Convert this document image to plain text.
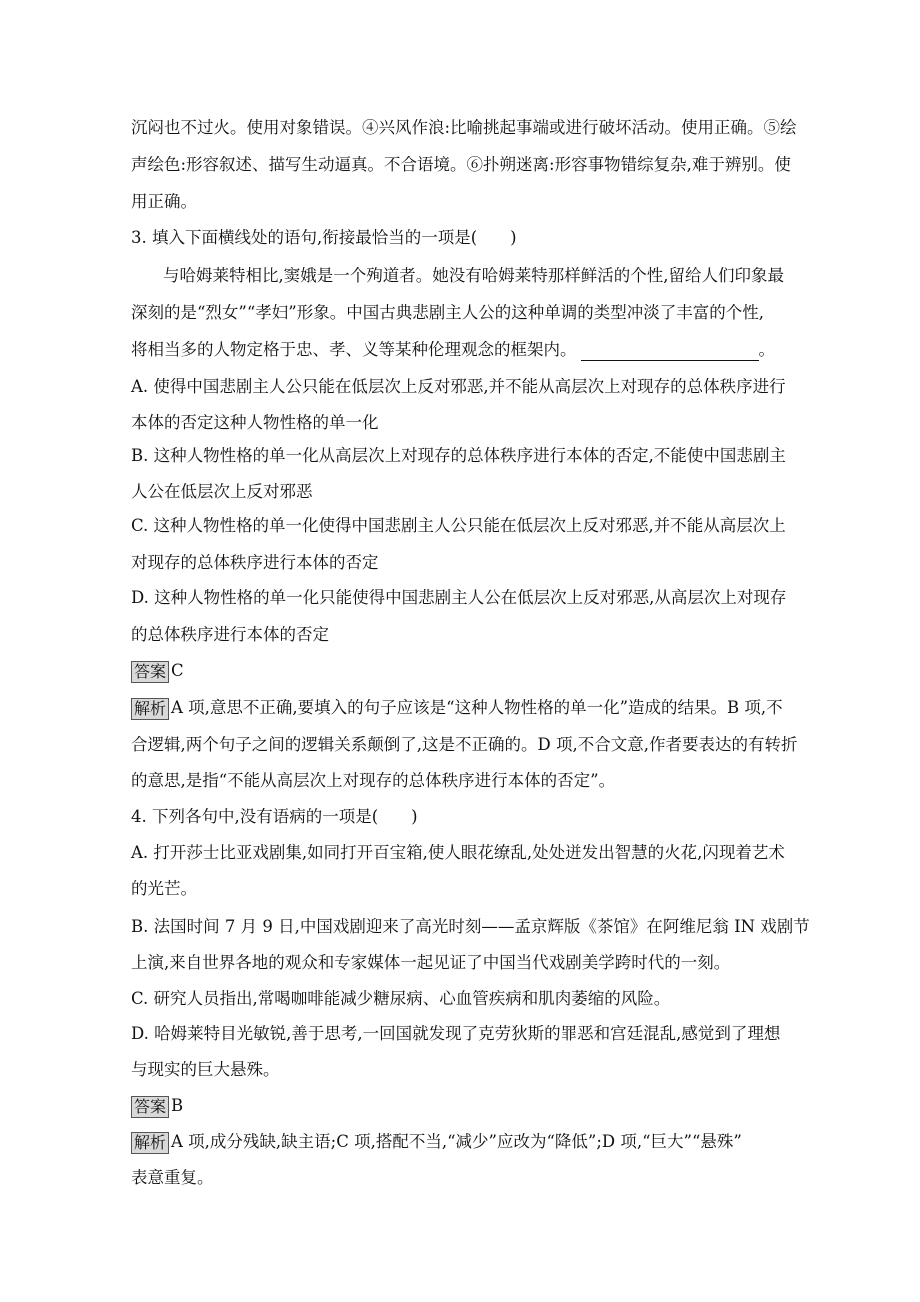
沉闷也不过火。使用对象错误。④兴风作浪:比喻挑起事端或进行破坏活动。使用正确。⑤绘
声绘色:形容叙述、描写生动逼真。不合语境。⑥扑朔迷离:形容事物错综复杂,难于辨别。使
用正确。
3. 填入下面横线处的语句,衔接最恰当的一项是(　　)
与哈姆莱特相比,窦娥是一个殉道者。她没有哈姆莱特那样鲜活的个性,留给人们印象最
深刻的是“烈女”“孝妇”形象。中国古典悲剧主人公的这种单调的类型冲淡了丰富的个性,
将相当多的人物定格于忠、孝、义等某种伦理观念的框架内。	。
A. 使得中国悲剧主人公只能在低层次上反对邪恶,并不能从高层次上对现存的总体秩序进行
本体的否定这种人物性格的单一化
B. 这种人物性格的单一化从高层次上对现存的总体秩序进行本体的否定,不能使中国悲剧主
人公在低层次上反对邪恶
C. 这种人物性格的单一化使得中国悲剧主人公只能在低层次上反对邪恶,并不能从高层次上
对现存的总体秩序进行本体的否定
D. 这种人物性格的单一化只能使得中国悲剧主人公在低层次上反对邪恶,从高层次上对现存
的总体秩序进行本体的否定
答案 C
解析 A 项,意思不正确,要填入的句子应该是“这种人物性格的单一化”造成的结果。B 项,不
合逻辑,两个句子之间的逻辑关系颠倒了,这是不正确的。D 项,不合文意,作者要表达的有转折
的意思,是指“不能从高层次上对现存的总体秩序进行本体的否定”。
4. 下列各句中,没有语病的一项是(　　)
A. 打开莎士比亚戏剧集,如同打开百宝箱,使人眼花缭乱,处处迸发出智慧的火花,闪现着艺术
的光芒。
B. 法国时间 7 月 9 日,中国戏剧迎来了高光时刻——孟京辉版《茶馆》在阿维尼翁 IN 戏剧节
上演,来自世界各地的观众和专家媒体一起见证了中国当代戏剧美学跨时代的一刻。
C. 研究人员指出,常喝咖啡能减少糖尿病、心血管疾病和肌肉萎缩的风险。
D. 哈姆莱特目光敏锐,善于思考,一回国就发现了克劳狄斯的罪恶和宫廷混乱,感觉到了理想
与现实的巨大悬殊。
答案 B
解析 A 项,成分残缺,缺主语;C 项,搭配不当,“减少”应改为“降低”;D 项,“巨大”“悬殊”
表意重复。
